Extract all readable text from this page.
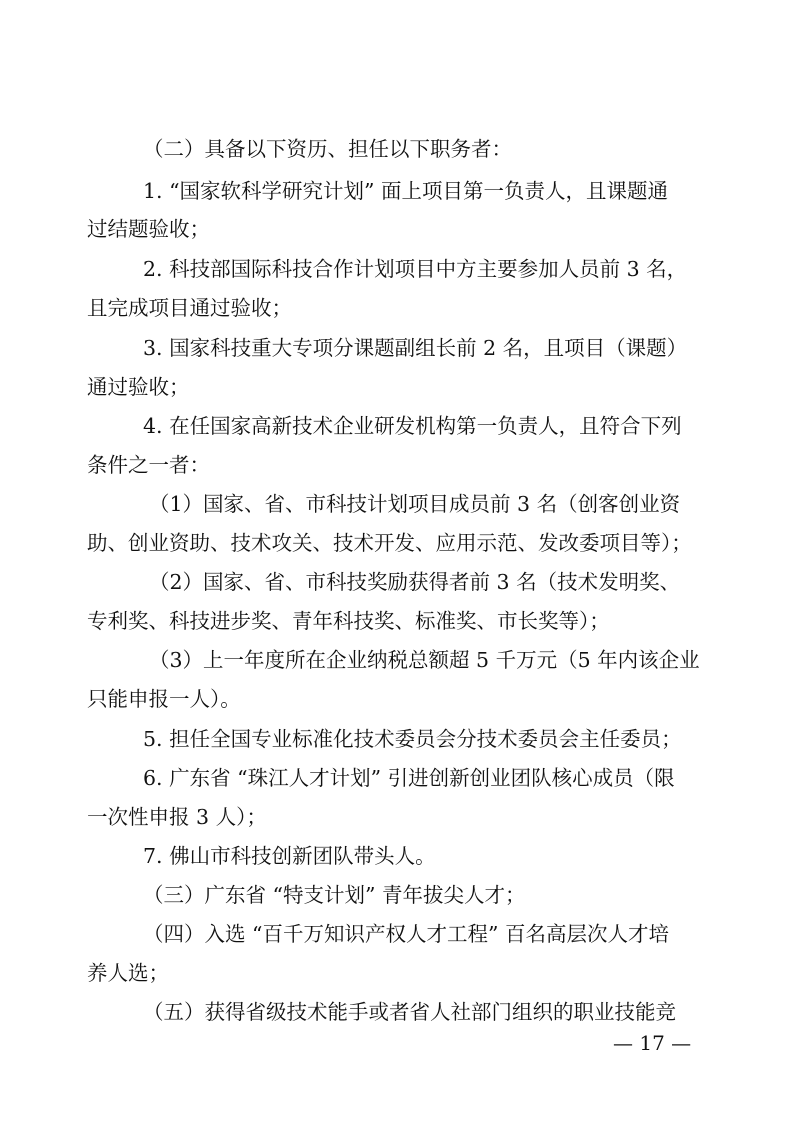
（二）具备以下资历、担任以下职务者：
1. “国家软科学研究计划” 面上项目第一负责人，且课题通
过结题验收；
2. 科技部国际科技合作计划项目中方主要参加人员前 3 名，
且完成项目通过验收；
3. 国家科技重大专项分课题副组长前 2 名，且项目（课题）
通过验收；
4. 在任国家高新技术企业研发机构第一负责人，且符合下列
条件之一者：
（1）国家、省、市科技计划项目成员前 3 名（创客创业资
助、创业资助、技术攻关、技术开发、应用示范、发改委项目等）；
（2）国家、省、市科技奖励获得者前 3 名（技术发明奖、
专利奖、科技进步奖、青年科技奖、标准奖、市长奖等）；
（3）上一年度所在企业纳税总额超 5 千万元（5 年内该企业
只能申报一人）。
5. 担任全国专业标准化技术委员会分技术委员会主任委员；
6. 广东省 “珠江人才计划” 引进创新创业团队核心成员（限
一次性申报 3 人）；
7. 佛山市科技创新团队带头人。
（三）广东省 “特支计划” 青年拔尖人才；
（四）入选 “百千万知识产权人才工程” 百名高层次人才培
养人选；
（五）获得省级技术能手或者省人社部门组织的职业技能竞
— 17 —
